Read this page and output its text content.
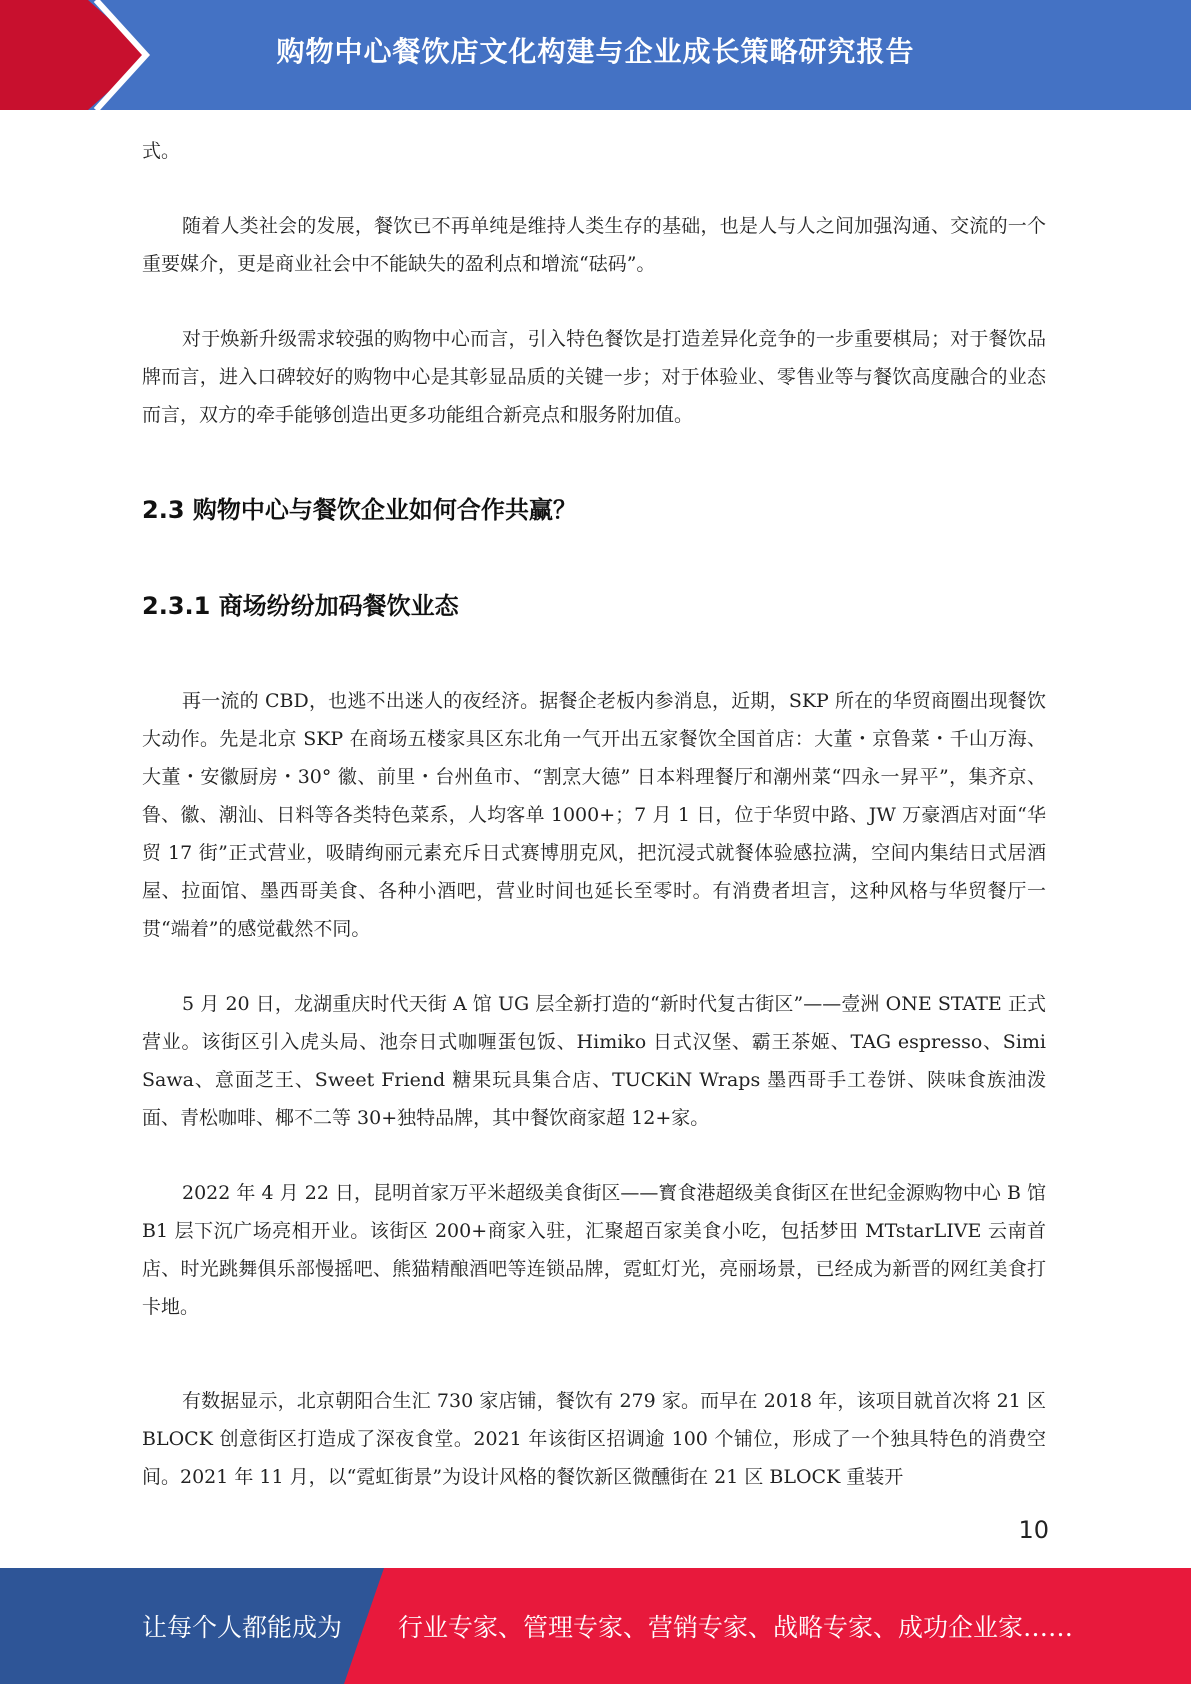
购物中心餐饮店文化构建与企业成长策略研究报告

式。

随着人类社会的发展，餐饮已不再单纯是维持人类生存的基础，也是人与人之间加强沟通、交流的一个重要媒介，更是商业社会中不能缺失的盈利点和增流“砝码”。

对于焕新升级需求较强的购物中心而言，引入特色餐饮是打造差异化竞争的一步重要棋局；对于餐饮品牌而言，进入口碑较好的购物中心是其彰显品质的关键一步；对于体验业、零售业等与餐饮高度融合的业态而言，双方的牵手能够创造出更多功能组合新亮点和服务附加值。

2.3 购物中心与餐饮企业如何合作共赢？
2.3.1 商场纷纷加码餐饮业态

再一流的 CBD，也逃不出迷人的夜经济。据餐企老板内参消息，近期，SKP 所在的华贸商圈出现餐饮大动作。先是北京 SKP 在商场五楼家具区东北角一气开出五家餐饮全国首店：大董・京鲁菜・千山万海、大董・安徽厨房・30° 徽、前里・台州鱼市、“割烹大德” 日本料理餐厅和潮州菜“四永一昇平”，集齐京、鲁、徽、潮汕、日料等各类特色菜系，人均客单 1000+；7 月 1 日，位于华贸中路、JW 万豪酒店对面“华贸 17 街”正式营业，吸睛绚丽元素充斥日式赛博朋克风，把沉浸式就餐体验感拉满，空间内集结日式居酒屋、拉面馆、墨西哥美食、各种小酒吧，营业时间也延长至零时。有消费者坦言，这种风格与华贸餐厅一贯“端着”的感觉截然不同。

5 月 20 日，龙湖重庆时代天街 A 馆 UG 层全新打造的“新时代复古街区”——壹洲 ONE STATE 正式营业。该街区引入虎头局、池奈日式咖喱蛋包饭、Himiko 日式汉堡、霸王茶姬、TAG espresso、Simi Sawa、意面芝王、Sweet Friend 糖果玩具集合店、TUCKiN Wraps 墨西哥手工卷饼、陕味食族油泼面、青松咖啡、椰不二等 30+独特品牌，其中餐饮商家超 12+家。

2022 年 4 月 22 日，昆明首家万平米超级美食街区——寳食港超级美食街区在世纪金源购物中心 B 馆 B1 层下沉广场亮相开业。该街区 200+商家入驻，汇聚超百家美食小吃，包括梦田 MTstarLIVE 云南首店、时光跳舞俱乐部慢摇吧、熊猫精酿酒吧等连锁品牌，霓虹灯光，亮丽场景，已经成为新晋的网红美食打卡地。

有数据显示，北京朝阳合生汇 730 家店铺，餐饮有 279 家。而早在 2018 年，该项目就首次将 21 区 BLOCK 创意街区打造成了深夜食堂。2021 年该街区招调逾 100 个铺位，形成了一个独具特色的消费空间。2021 年 11 月，以“霓虹街景”为设计风格的餐饮新区微醺街在 21 区 BLOCK 重装开

10
让每个人都能成为 行业专家、管理专家、营销专家、战略专家、成功企业家……
